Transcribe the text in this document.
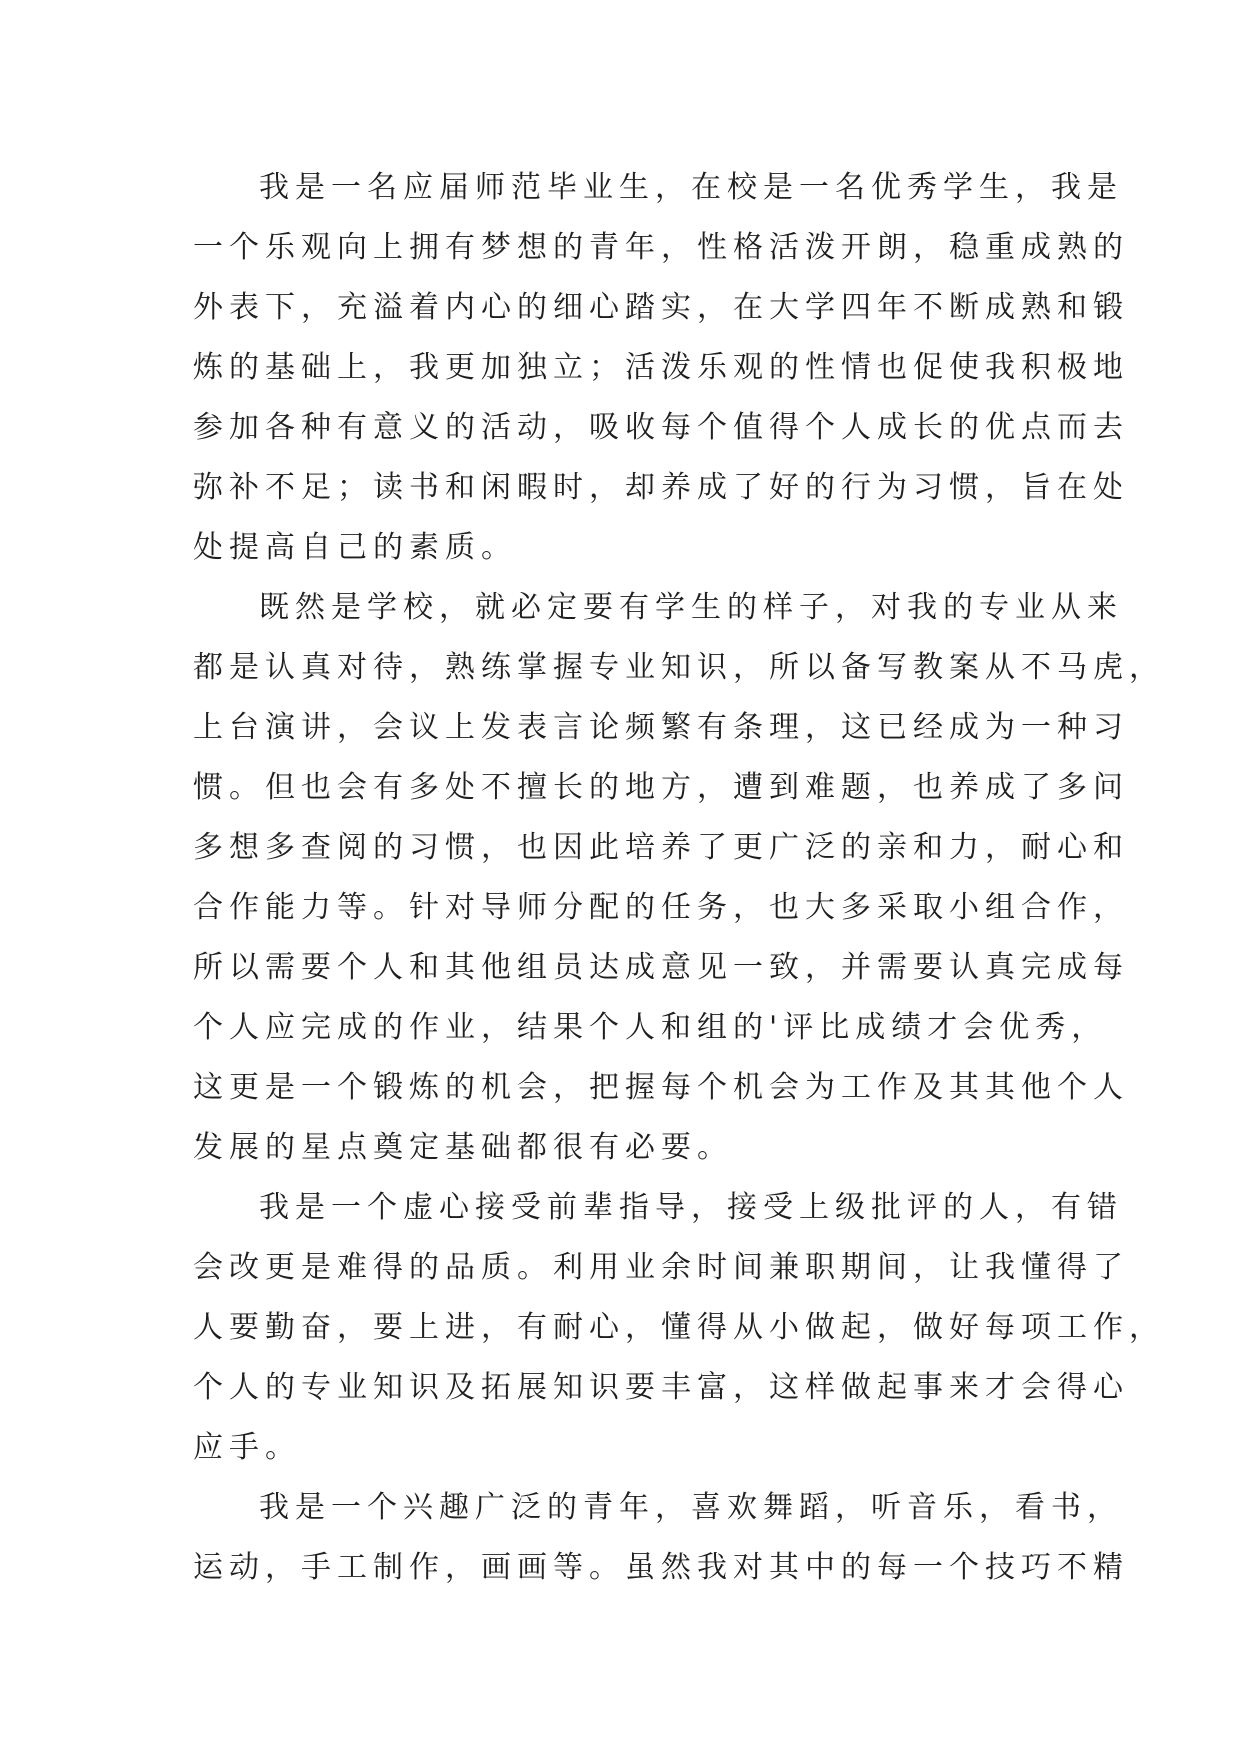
我是一名应届师范毕业生，在校是一名优秀学生，我是
一个乐观向上拥有梦想的青年，性格活泼开朗，稳重成熟的
外表下，充溢着内心的细心踏实，在大学四年不断成熟和锻
炼的基础上，我更加独立；活泼乐观的性情也促使我积极地
参加各种有意义的活动，吸收每个值得个人成长的优点而去
弥补不足；读书和闲暇时，却养成了好的行为习惯，旨在处
处提高自己的素质。
既然是学校，就必定要有学生的样子，对我的专业从来
都是认真对待，熟练掌握专业知识，所以备写教案从不马虎，
上台演讲，会议上发表言论频繁有条理，这已经成为一种习
惯。但也会有多处不擅长的地方，遭到难题，也养成了多问
多想多查阅的习惯，也因此培养了更广泛的亲和力，耐心和
合作能力等。针对导师分配的任务，也大多采取小组合作，
所以需要个人和其他组员达成意见一致，并需要认真完成每
个人应完成的作业，结果个人和组的'评比成绩才会优秀，
这更是一个锻炼的机会，把握每个机会为工作及其其他个人
发展的星点奠定基础都很有必要。
我是一个虚心接受前辈指导，接受上级批评的人，有错
会改更是难得的品质。利用业余时间兼职期间，让我懂得了
人要勤奋，要上进，有耐心，懂得从小做起，做好每项工作，
个人的专业知识及拓展知识要丰富，这样做起事来才会得心
应手。
我是一个兴趣广泛的青年，喜欢舞蹈，听音乐，看书，
运动，手工制作，画画等。虽然我对其中的每一个技巧不精
